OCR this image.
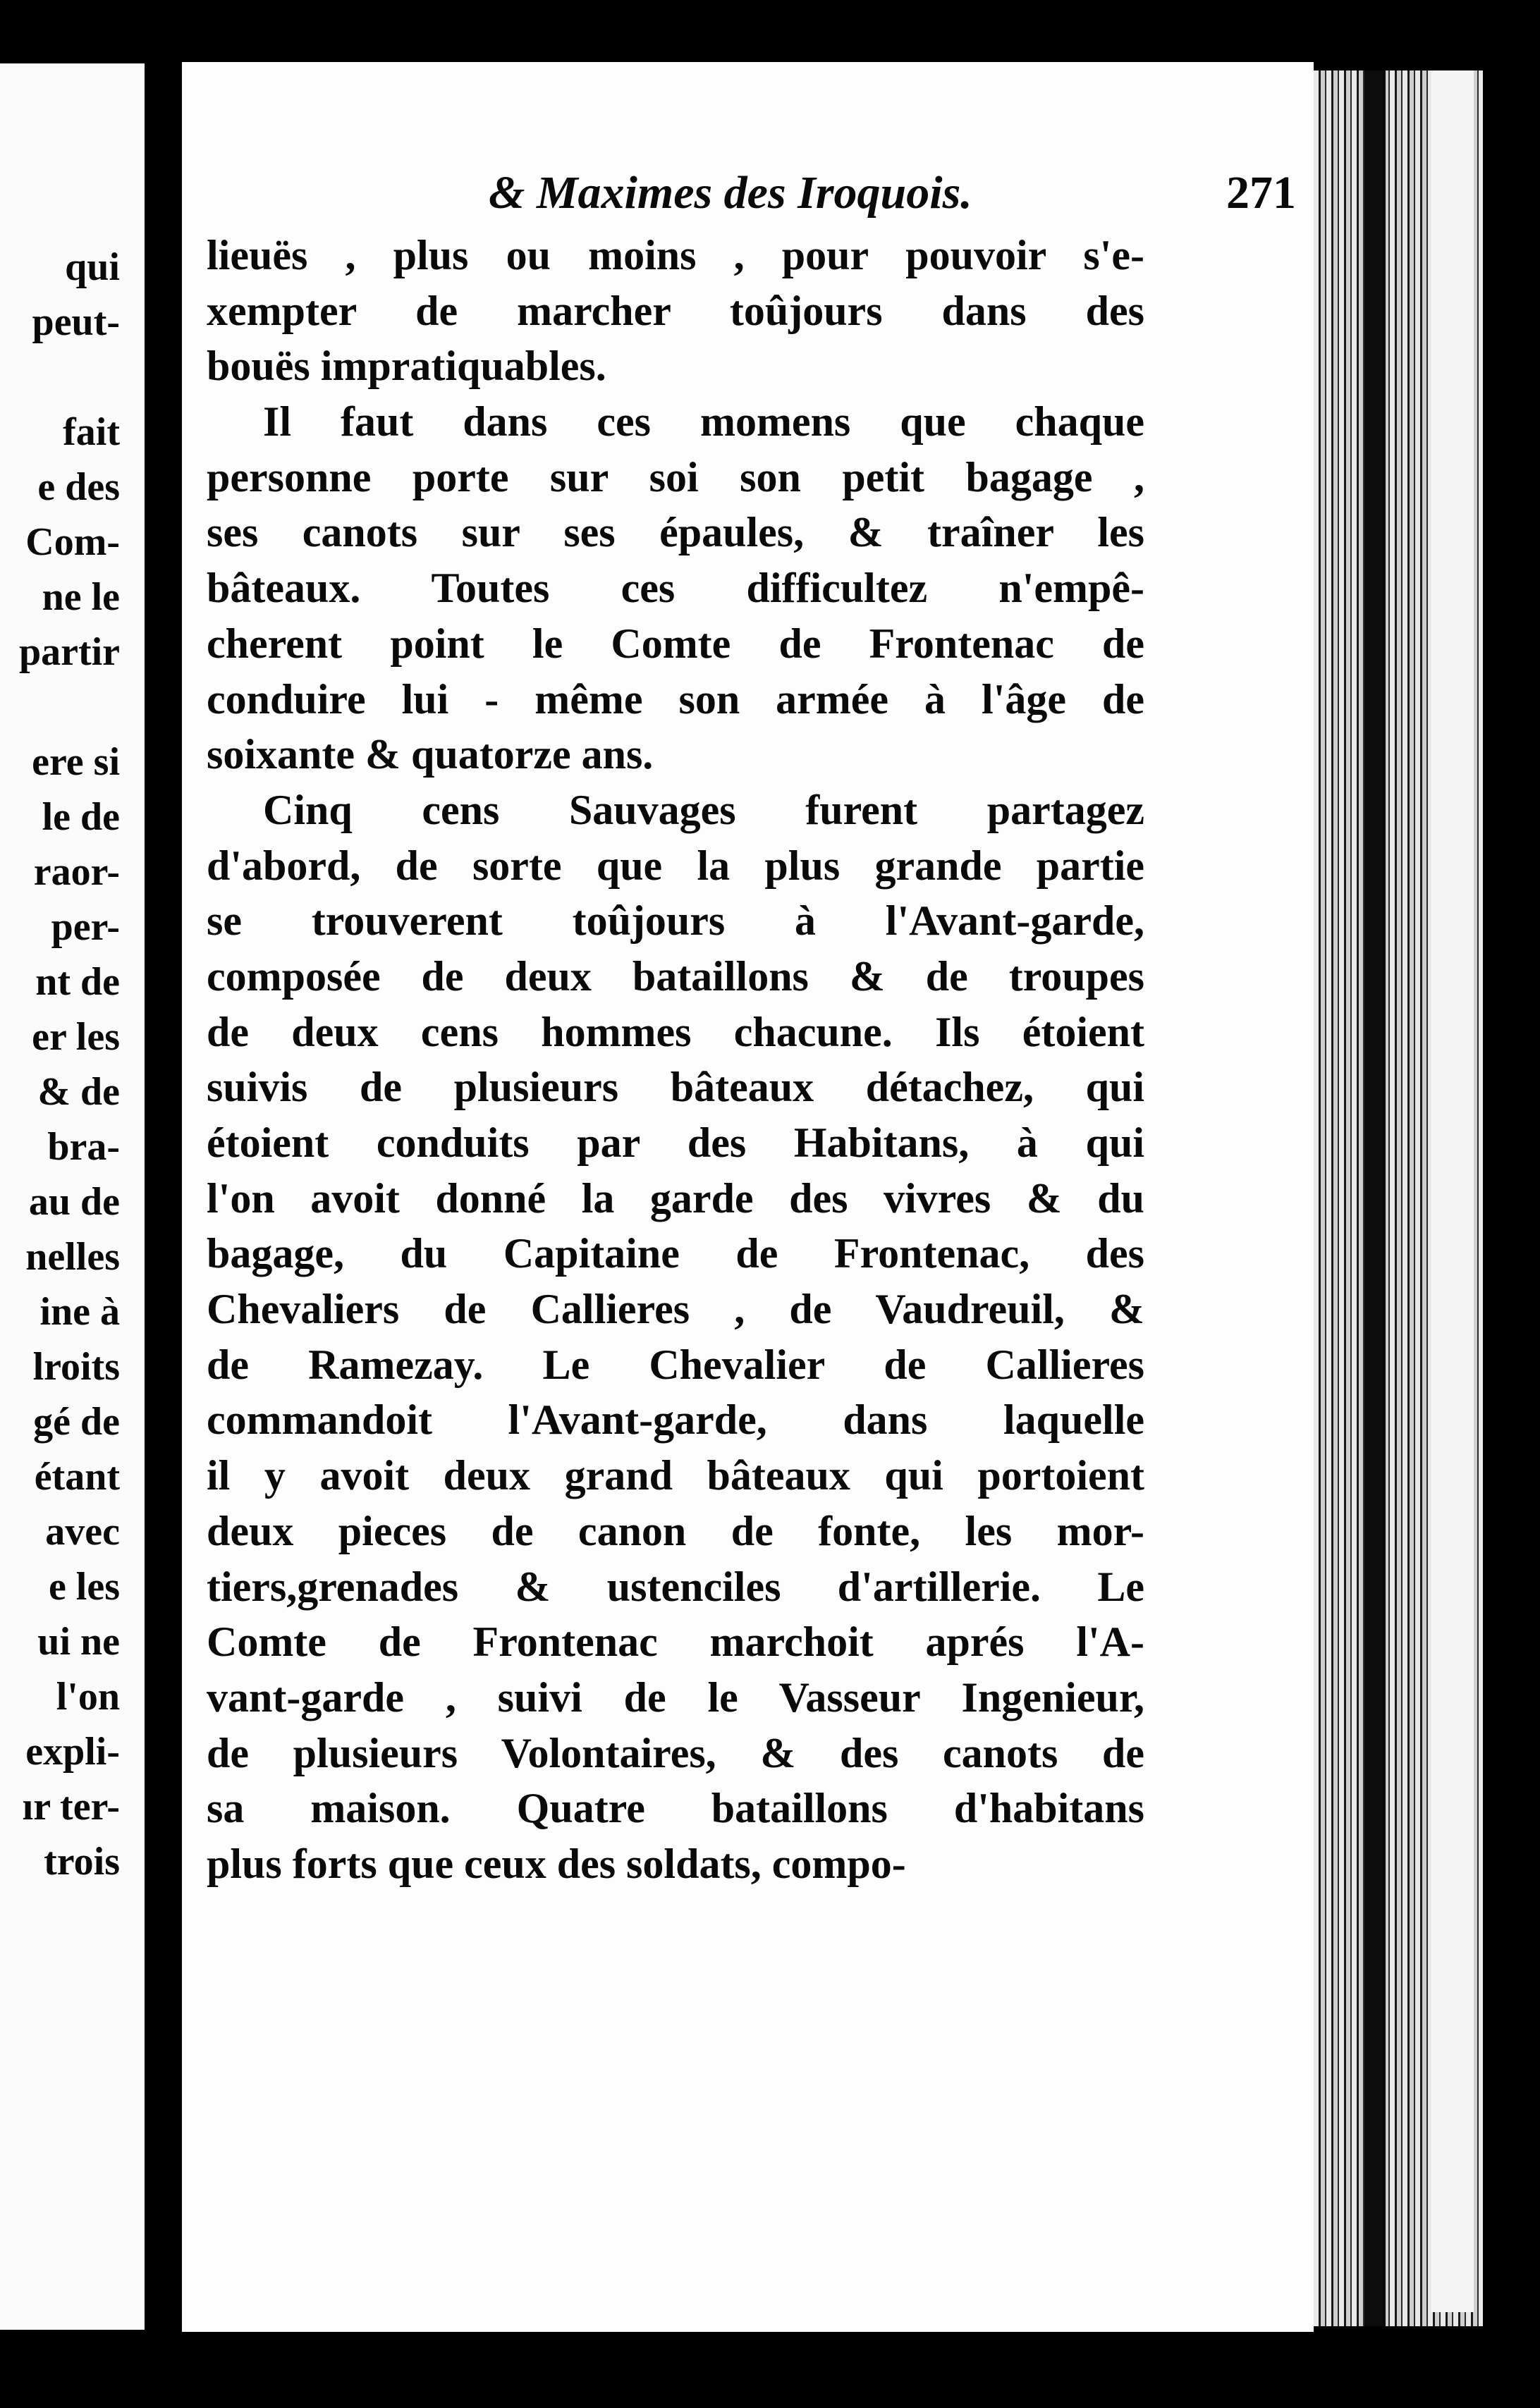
qui
peut-
fait
e des
Com-
ne le
partir
ere si
le de
raor-
per-
nt de
er les
& de
bra-
au de
nelles
ine à
lroits
gé de
étant
avec
e les
ui ne
l'on
expli-
ır ter-
trois
& Maximes des Iroquois.	271
lieuës , plus ou moins , pour pouvoir s'e-
xempter de marcher toûjours dans des
bouës impratiquables.
Il faut dans ces momens que chaque
personne porte sur soi son petit bagage ,
ses canots sur ses épaules, & traîner les
bâteaux. Toutes ces difficultez n'empê-
cherent point le Comte de Frontenac de
conduire lui - même son armée à l'âge de
soixante & quatorze ans.
Cinq cens Sauvages furent partagez
d'abord, de sorte que la plus grande partie
se trouverent toûjours à l'Avant-garde,
composée de deux bataillons & de troupes
de deux cens hommes chacune. Ils étoient
suivis de plusieurs bâteaux détachez, qui
étoient conduits par des Habitans, à qui
l'on avoit donné la garde des vivres & du
bagage, du Capitaine de Frontenac, des
Chevaliers de Callieres , de Vaudreuil, &
de Ramezay. Le Chevalier de Callieres
commandoit l'Avant-garde, dans laquelle
il y avoit deux grand bâteaux qui portoient
deux pieces de canon de fonte, les mor-
tiers,grenades & ustenciles d'artillerie. Le
Comte de Frontenac marchoit aprés l'A-
vant-garde , suivi de le Vasseur Ingenieur,
de plusieurs Volontaires, & des canots de
sa maison. Quatre bataillons d'habitans
plus forts que ceux des soldats, compo-
